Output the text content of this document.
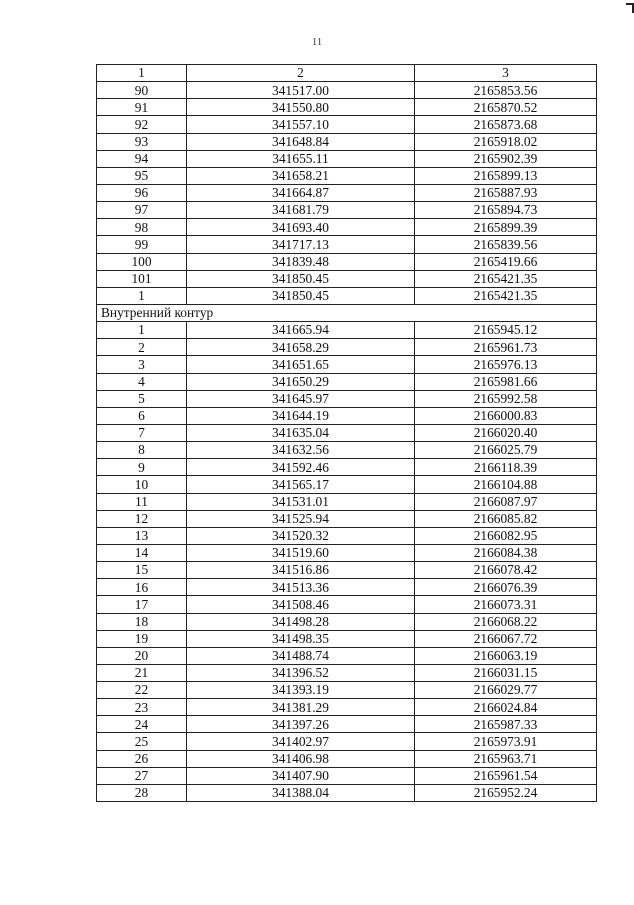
11
1	2	3
90	341517.00	2165853.56
91	341550.80	2165870.52
92	341557.10	2165873.68
93	341648.84	2165918.02
94	341655.11	2165902.39
95	341658.21	2165899.13
96	341664.87	2165887.93
97	341681.79	2165894.73
98	341693.40	2165899.39
99	341717.13	2165839.56
100	341839.48	2165419.66
101	341850.45	2165421.35
1	341850.45	2165421.35
Внутренний контур		
1	341665.94	2165945.12
2	341658.29	2165961.73
3	341651.65	2165976.13
4	341650.29	2165981.66
5	341645.97	2165992.58
6	341644.19	2166000.83
7	341635.04	2166020.40
8	341632.56	2166025.79
9	341592.46	2166118.39
10	341565.17	2166104.88
11	341531.01	2166087.97
12	341525.94	2166085.82
13	341520.32	2166082.95
14	341519.60	2166084.38
15	341516.86	2166078.42
16	341513.36	2166076.39
17	341508.46	2166073.31
18	341498.28	2166068.22
19	341498.35	2166067.72
20	341488.74	2166063.19
21	341396.52	2166031.15
22	341393.19	2166029.77
23	341381.29	2166024.84
24	341397.26	2165987.33
25	341402.97	2165973.91
26	341406.98	2165963.71
27	341407.90	2165961.54
28	341388.04	2165952.24
